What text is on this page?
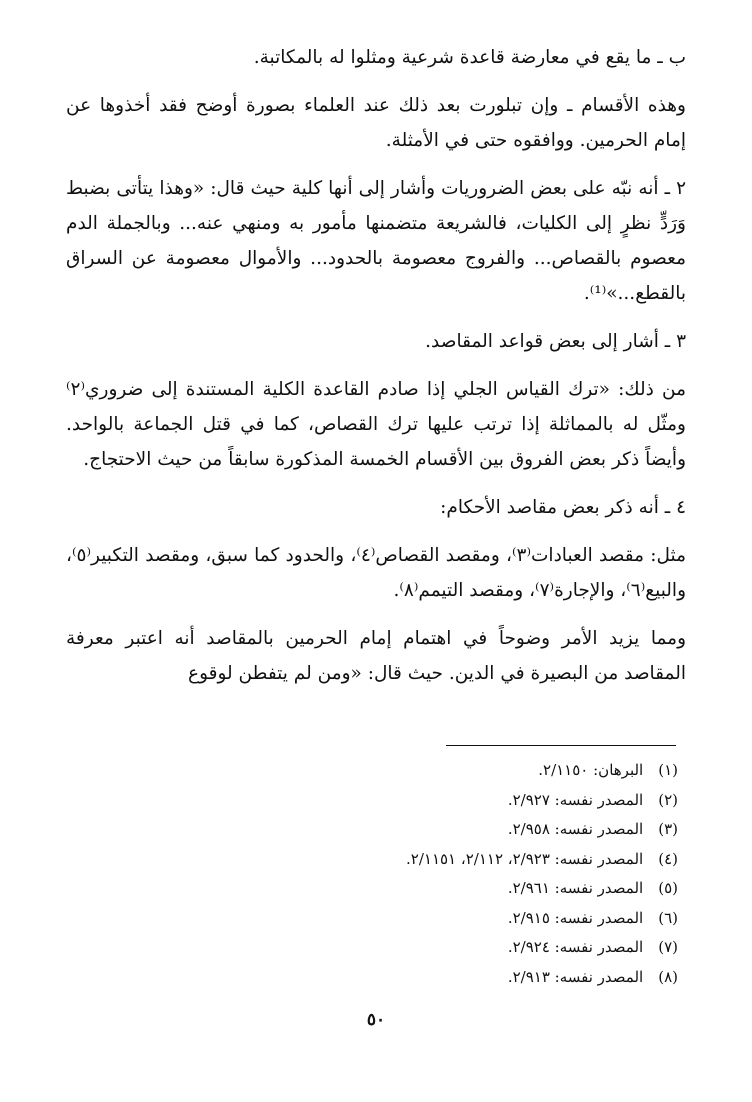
ب ـ ما يقع في معارضة قاعدة شرعية ومثلوا له بالمكاتبة.

وهذه الأقسام ـ وإن تبلورت بعد ذلك عند العلماء بصورة أوضح فقد أخذوها عن إمام الحرمين. ووافقوه حتى في الأمثلة.

٢ ـ أنه نبّه على بعض الضروريات وأشار إلى أنها كلية حيث قال: «وهذا يتأتى بضبط وَرَدٍّ نظرٍ إلى الكليات، فالشريعة متضمنها مأمور به ومنهي عنه... وبالجملة الدم معصوم بالقصاص... والفروج معصومة بالحدود... والأموال معصومة عن السراق بالقطع...»⁽¹⁾.

٣ ـ أشار إلى بعض قواعد المقاصد.

من ذلك: «ترك القياس الجلي إذا صادم القاعدة الكلية المستندة إلى ضروري⁽٢⁾ ومثّل له بالمماثلة إذا ترتب عليها ترك القصاص، كما في قتل الجماعة بالواحد. وأيضاً ذكر بعض الفروق بين الأقسام الخمسة المذكورة سابقاً من حيث الاحتجاج.

٤ ـ أنه ذكر بعض مقاصد الأحكام:

مثل: مقصد العبادات⁽٣⁾، ومقصد القصاص⁽٤⁾، والحدود كما سبق، ومقصد التكبير⁽٥⁾، والبيع⁽٦⁾، والإجارة⁽٧⁾، ومقصد التيمم⁽٨⁾.

ومما يزيد الأمر وضوحاً في اهتمام إمام الحرمين بالمقاصد أنه اعتبر معرفة المقاصد من البصيرة في الدين. حيث قال: «ومن لم يتفطن لوقوع

(١) البرهان: ٢/١١٥٠.
(٢) المصدر نفسه: ٢/٩٢٧.
(٣) المصدر نفسه: ٢/٩٥٨.
(٤) المصدر نفسه: ٢/٩٢٣، ٢/١١٢، ٢/١١٥١.
(٥) المصدر نفسه: ٢/٩٦١.
(٦) المصدر نفسه: ٢/٩١٥.
(٧) المصدر نفسه: ٢/٩٢٤.
(٨) المصدر نفسه: ٢/٩١٣.
٥٠
